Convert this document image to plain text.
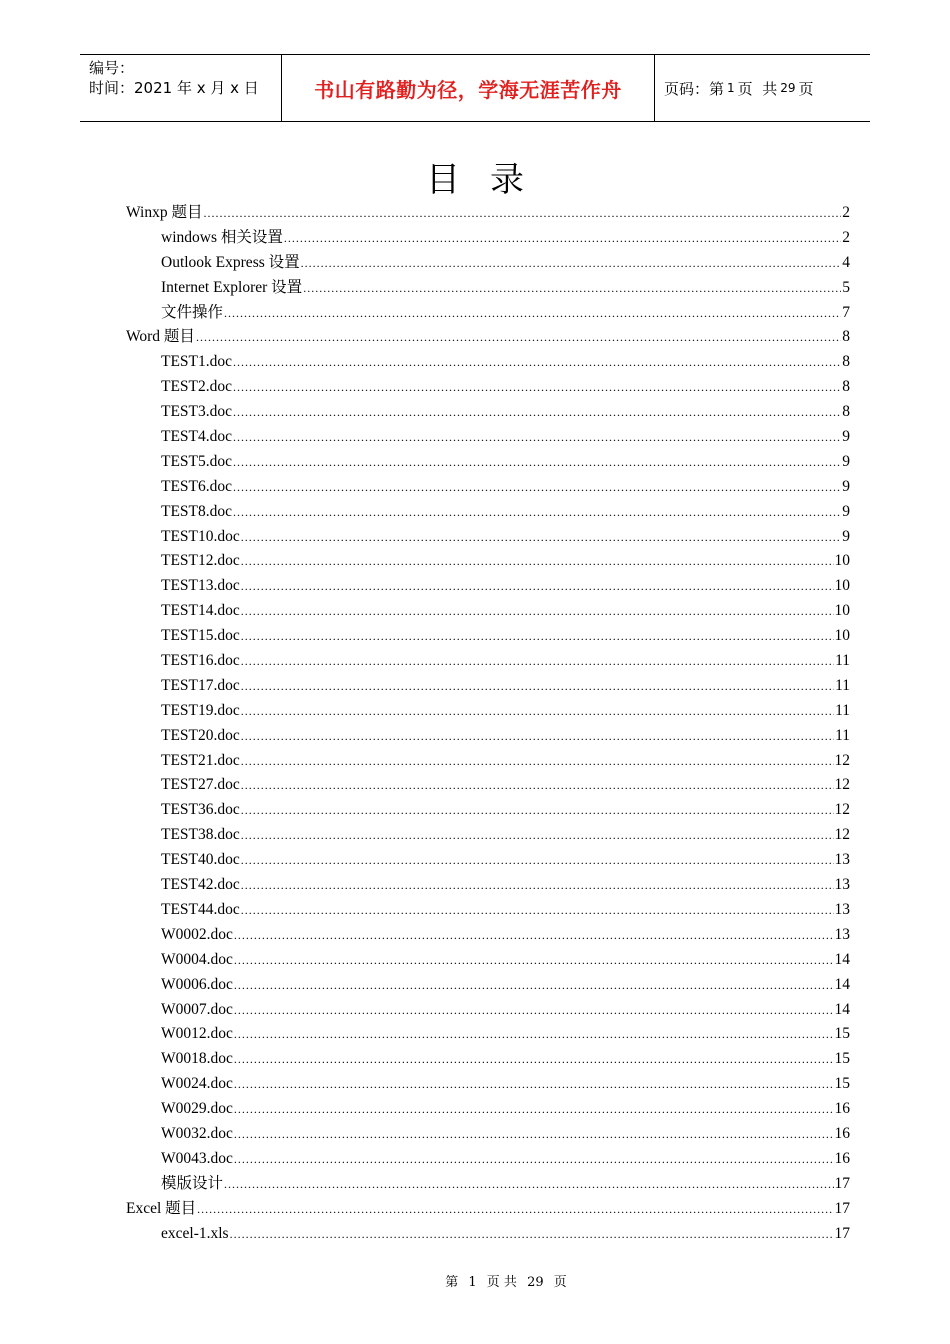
编号：
时间：2021 年 x 月 x 日	书山有路勤为径，学海无涯苦作舟	页码：第 1 页  共 29 页
目录
Winxp 题目 .....	2
windows 相关设置 .....	2
Outlook Express 设置 .....	4
Internet Explorer 设置 .....	5
文件操作 .....	7
Word 题目 .....	8
TEST1.doc .....	8
TEST2.doc .....	8
TEST3.doc .....	8
TEST4.doc .....	9
TEST5.doc .....	9
TEST6.doc .....	9
TEST8.doc .....	9
TEST10.doc .....	9
TEST12.doc .....	10
TEST13.doc .....	10
TEST14.doc .....	10
TEST15.doc .....	10
TEST16.doc .....	11
TEST17.doc .....	11
TEST19.doc .....	11
TEST20.doc .....	11
TEST21.doc .....	12
TEST27.doc .....	12
TEST36.doc .....	12
TEST38.doc .....	12
TEST40.doc .....	13
TEST42.doc .....	13
TEST44.doc .....	13
W0002.doc .....	13
W0004.doc .....	14
W0006.doc .....	14
W0007.doc .....	14
W0012.doc .....	15
W0018.doc .....	15
W0024.doc .....	15
W0029.doc .....	16
W0032.doc .....	16
W0043.doc .....	16
模版设计 .....	17
Excel 题目 .....	17
excel-1.xls .....	17
第 1 页 共 29 页
